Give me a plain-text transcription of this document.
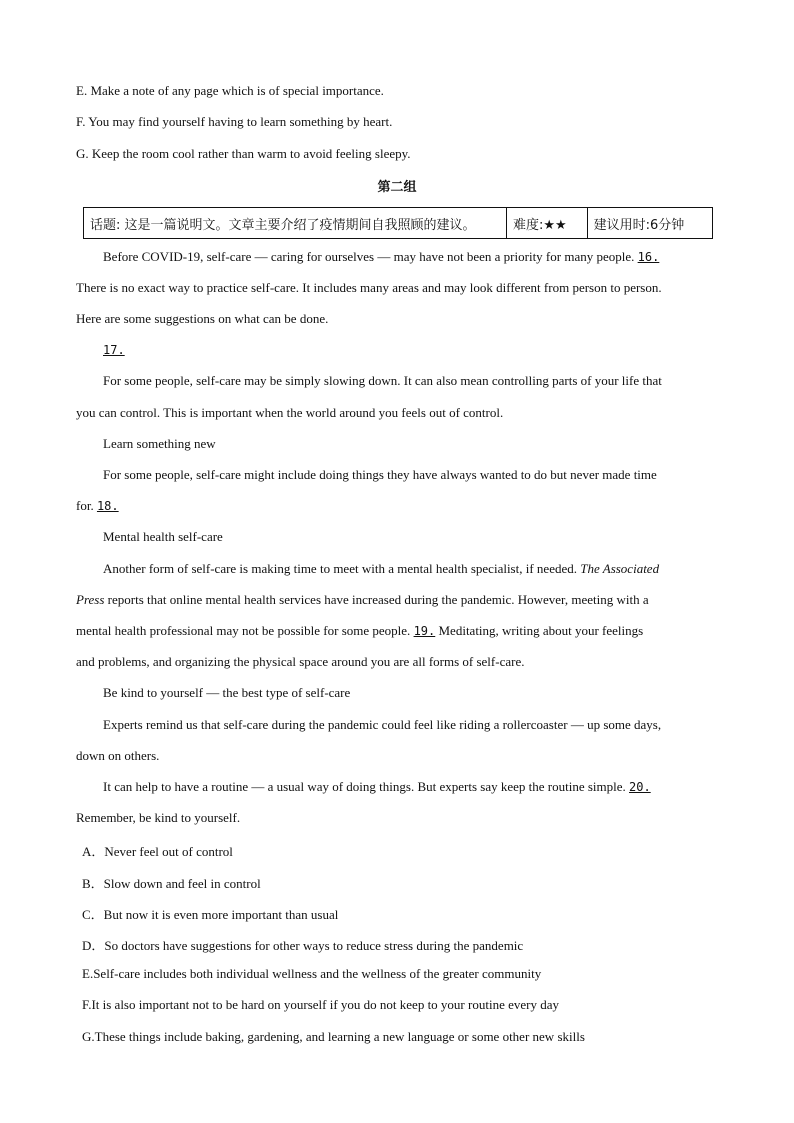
E. Make a note of any page which is of special importance.
F. You may find yourself having to learn something by heart.
G. Keep the room cool rather than warm to avoid feeling sleepy.
第二组
话题: 这是一篇说明文。文章主要介绍了疫情期间自我照顾的建议。	难度:★★	建议用时:6分钟
Before COVID-19, self-care — caring for ourselves — may have not been a priority for many people. 16.
There is no exact way to practice self-care. It includes many areas and may look different from person to person.
Here are some suggestions on what can be done.
17.
For some people, self-care may be simply slowing down. It can also mean controlling parts of your life that
you can control. This is important when the world around you feels out of control.
Learn something new
For some people, self-care might include doing things they have always wanted to do but never made time
for. 18.
Mental health self-care
Another form of self-care is making time to meet with a mental health specialist, if needed. The Associated
Press reports that online mental health services have increased during the pandemic. However, meeting with a
mental health professional may not be possible for some people. 19. Meditating, writing about your feelings
and problems, and organizing the physical space around you are all forms of self-care.
Be kind to yourself — the best type of self-care
Experts remind us that self-care during the pandemic could feel like riding a rollercoaster — up some days,
down on others.
It can help to have a routine — a usual way of doing things. But experts say keep the routine simple. 20.
Remember, be kind to yourself.
A．Never feel out of control
B．Slow down and feel in control
C．But now it is even more important than usual
D．So doctors have suggestions for other ways to reduce stress during the pandemic
E.Self-care includes both individual wellness and the wellness of the greater community
F.It is also important not to be hard on yourself if you do not keep to your routine every day
G.These things include baking, gardening, and learning a new language or some other new skills
